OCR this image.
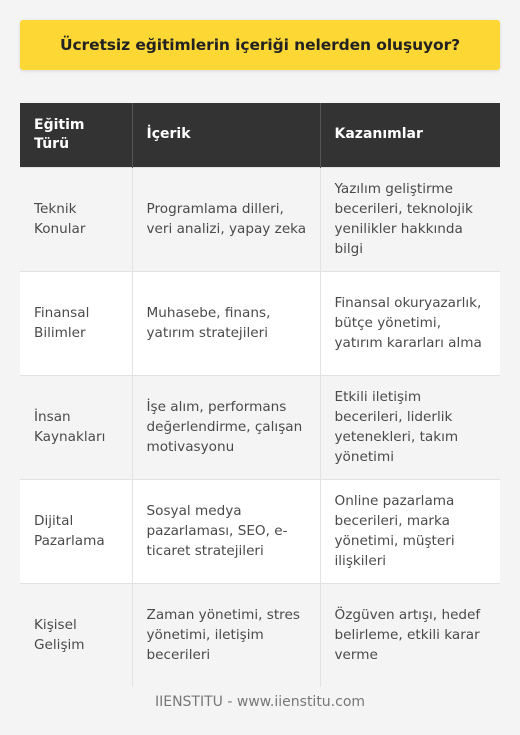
Ücretsiz eğitimlerin içeriği nelerden oluşuyor?
Eğitim Türü	İçerik	Kazanımlar
Teknik Konular	Programlama dilleri, veri analizi, yapay zeka	Yazılım geliştirme becerileri, teknolojik yenilikler hakkında bilgi
Finansal Bilimler	Muhasebe, finans, yatırım stratejileri	Finansal okuryazarlık, bütçe yönetimi, yatırım kararları alma
İnsan Kaynakları	İşe alım, performans değerlendirme, çalışan motivasyonu	Etkili iletişim becerileri, liderlik yetenekleri, takım yönetimi
Dijital Pazarlama	Sosyal medya pazarlaması, SEO, e-ticaret stratejileri	Online pazarlama becerileri, marka yönetimi, müşteri ilişkileri
Kişisel Gelişim	Zaman yönetimi, stres yönetimi, iletişim becerileri	Özgüven artışı, hedef belirleme, etkili karar verme
IIENSTITU - www.iienstitu.com
